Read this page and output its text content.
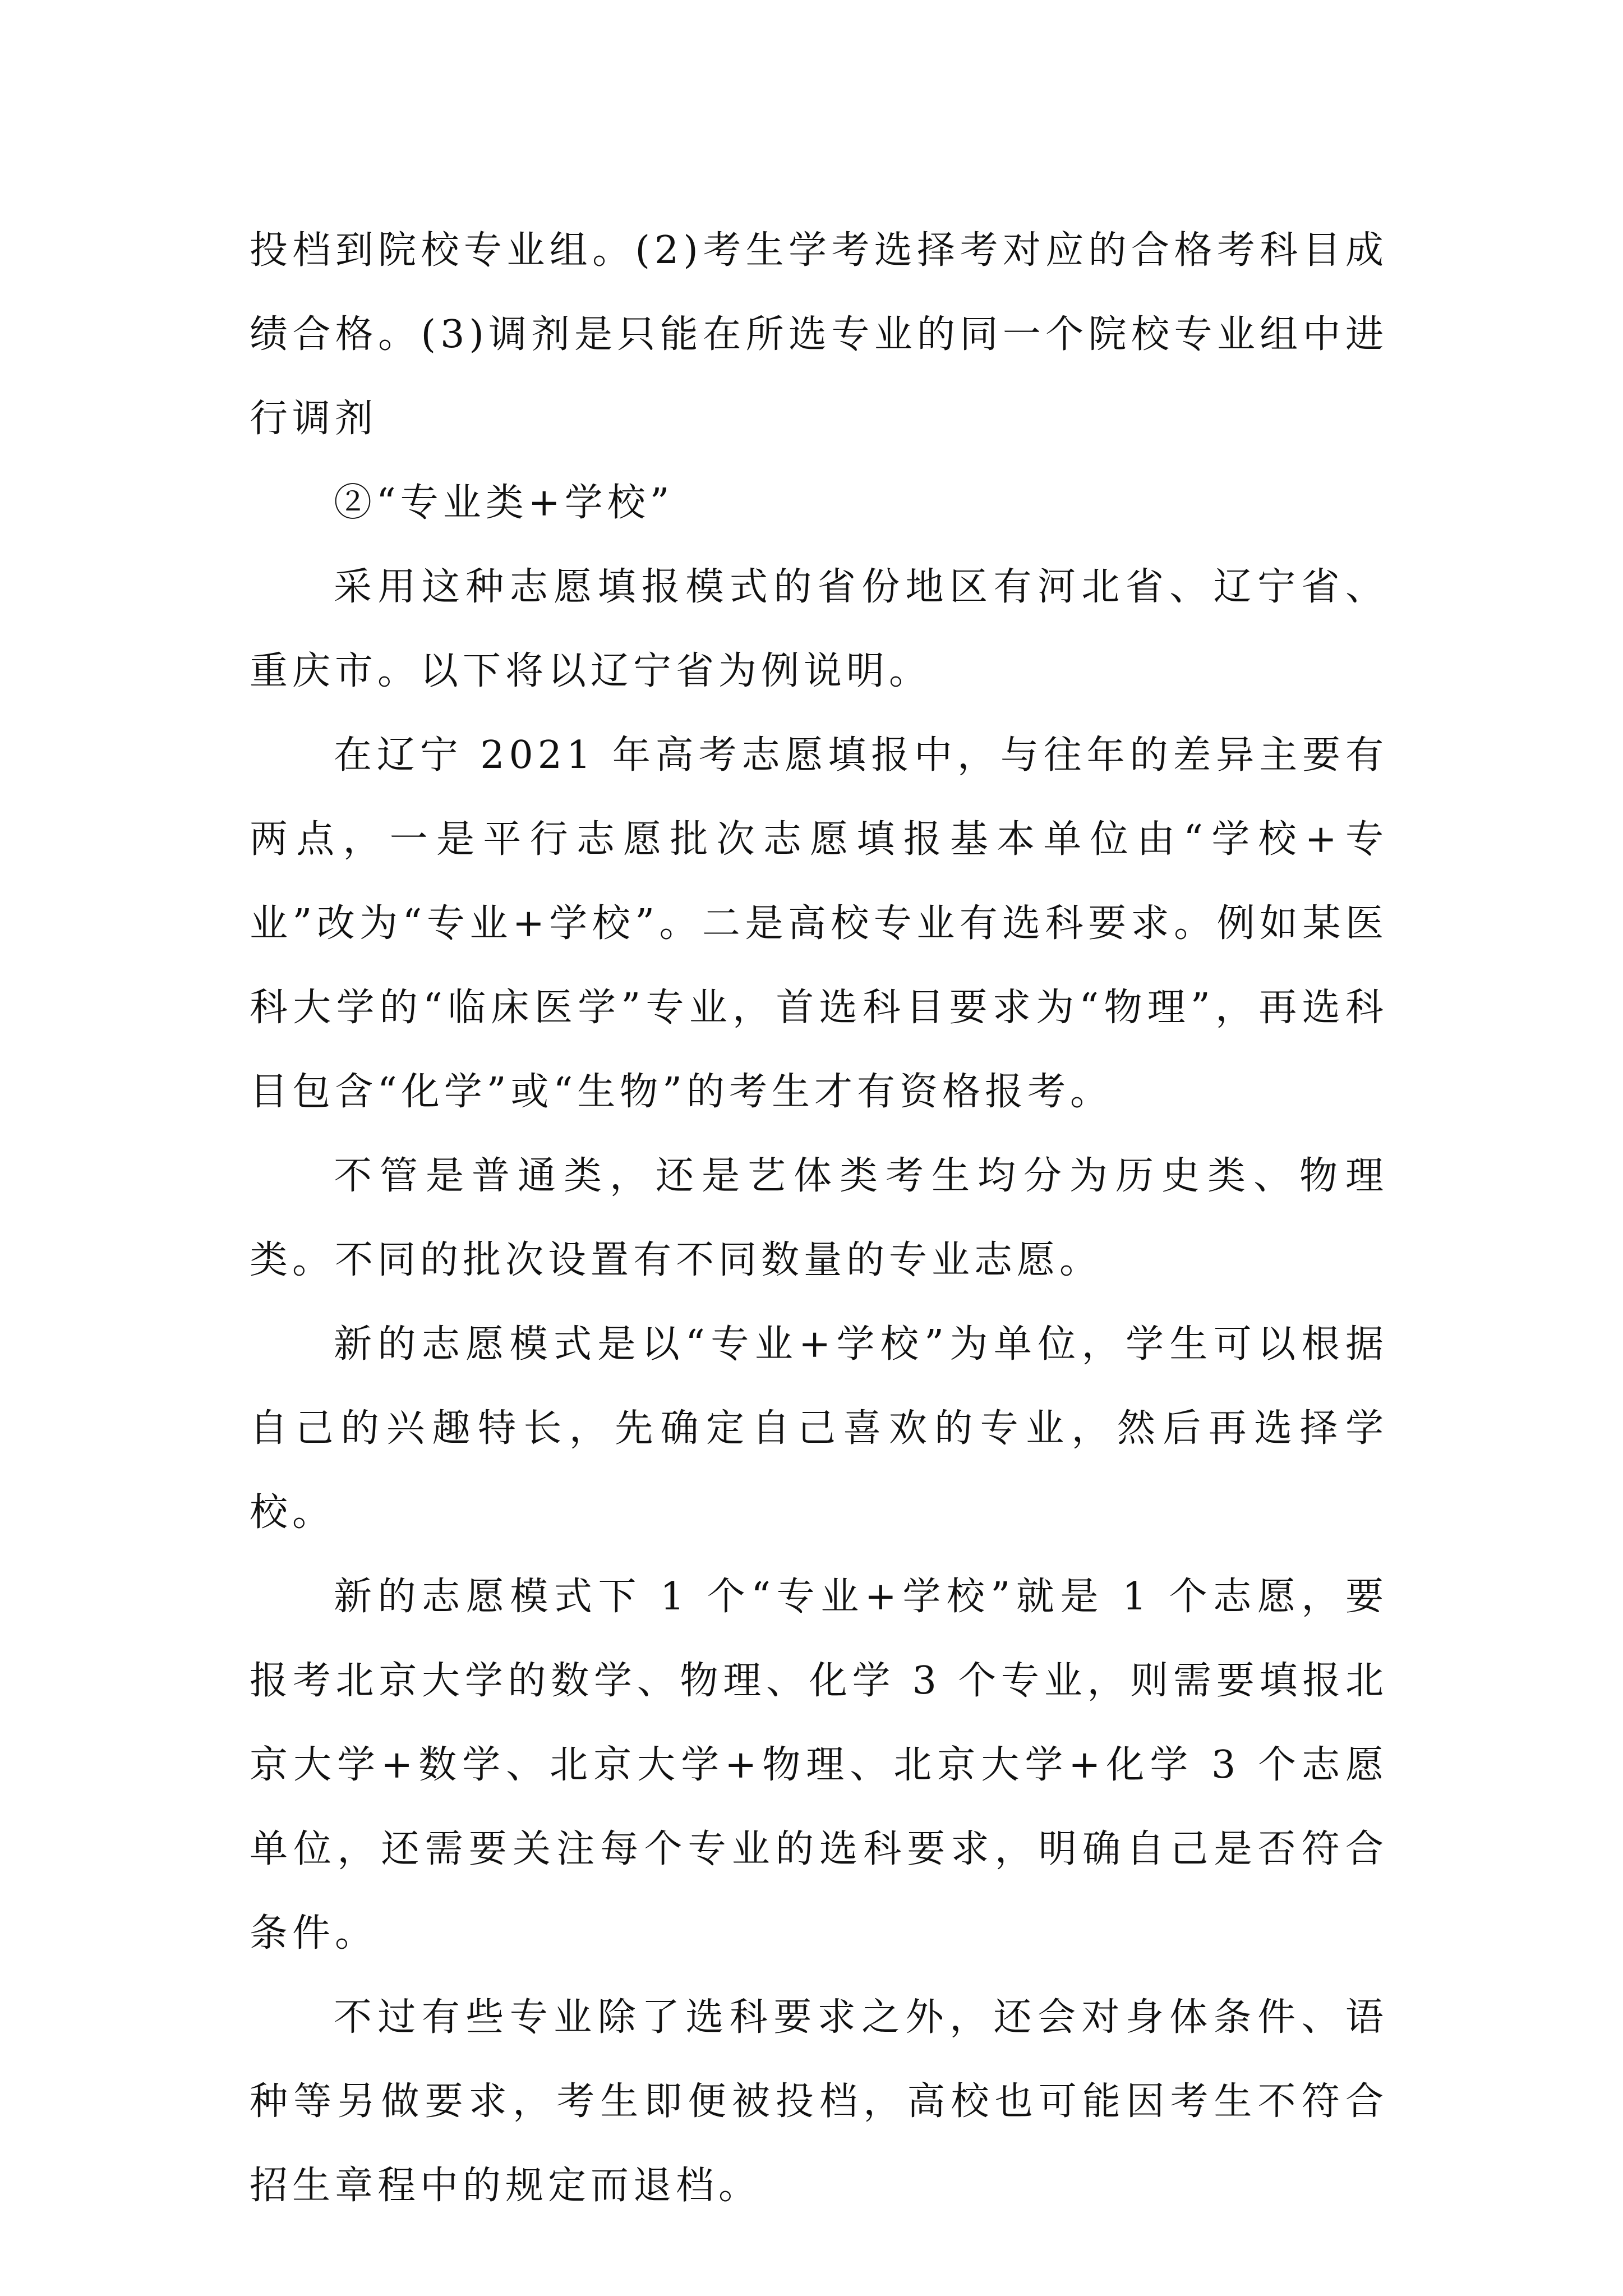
投档到院校专业组。(2)考生学考选择考对应的合格考科目成绩合格。(3)调剂是只能在所选专业的同一个院校专业组中进行调剂

②“专业类+学校”

采用这种志愿填报模式的省份地区有河北省、辽宁省、重庆市。以下将以辽宁省为例说明。

在辽宁 2021 年高考志愿填报中，与往年的差异主要有两点，一是平行志愿批次志愿填报基本单位由“学校+专业”改为“专业+学校”。二是高校专业有选科要求。例如某医科大学的“临床医学”专业，首选科目要求为“物理”，再选科目包含“化学”或“生物”的考生才有资格报考。

不管是普通类，还是艺体类考生均分为历史类、物理类。不同的批次设置有不同数量的专业志愿。

新的志愿模式是以“专业+学校”为单位，学生可以根据自己的兴趣特长，先确定自己喜欢的专业，然后再选择学校。

新的志愿模式下 1 个“专业+学校”就是 1 个志愿，要报考北京大学的数学、物理、化学 3 个专业，则需要填报北京大学+数学、北京大学+物理、北京大学+化学 3 个志愿单位，还需要关注每个专业的选科要求，明确自己是否符合条件。

不过有些专业除了选科要求之外，还会对身体条件、语种等另做要求，考生即便被投档，高校也可能因考生不符合招生章程中的规定而退档。
